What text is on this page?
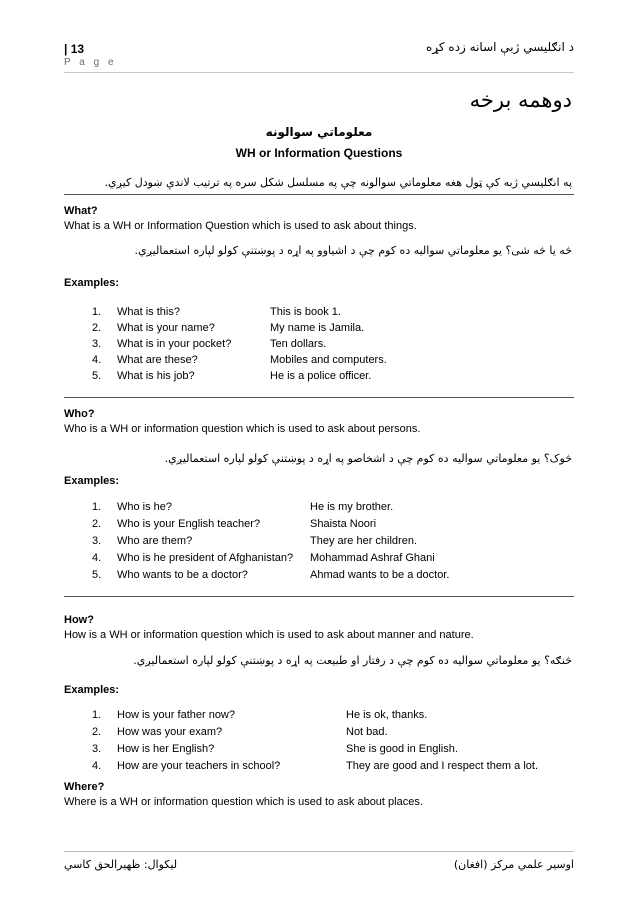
| 13
P a g e
د انګليسي ژبې اسانه زده کړه
دوهمه برخه
معلوماتي سوالونه
WH or Information Questions
په انګليسي ژبه کې ټول هغه معلوماتي سوالونه چې په مسلسل شکل سره په ترتيب لاندې ښودل کيږي.
What?
What is a WH or Information Question which is used to ask about things.
څه يا څه شی؟ يو معلوماتي سواليه ده کوم چې د اشياوو په اړه د پوښتنې کولو لپاره استعماليږي.
Examples:
1. What is this?	This is book 1.
2. What is your name?	My name is Jamila.
3. What is in your pocket?	Ten dollars.
4. What are these?	Mobiles and computers.
5. What is his job?	He is a police officer.
Who?
Who is a WH or information question which is used to ask about persons.
څوک؟ يو معلوماتي سواليه ده کوم چې د اشخاصو په اړه د پوښتنې کولو لپاره استعماليږي.
Examples:
1. Who is he?	He is my brother.
2. Who is your English teacher?	Shaista Noori
3. Who are them?	They are her children.
4. Who is he president of Afghanistan? Mohammad Ashraf Ghani
5. Who wants to be a doctor?	Ahmad wants to be a doctor.
How?
How is a WH or information question which is used to ask about manner and nature.
څنګه؟ يو معلوماتي سواليه ده کوم چې د رفتار او طبيعت په اړه د پوښتنې کولو لپاره استعماليږي.
Examples:
1. How is your father now?	He is ok, thanks.
2. How was your exam?	Not bad.
3. How is her English?	She is good in English.
4. How are your teachers in school?	They are good and I respect them a lot.
Where?
Where is a WH or information question which is used to ask about places.
ليکوال: ظهيرالحق کاسي	اوسير علمي مرکز (افغان)
